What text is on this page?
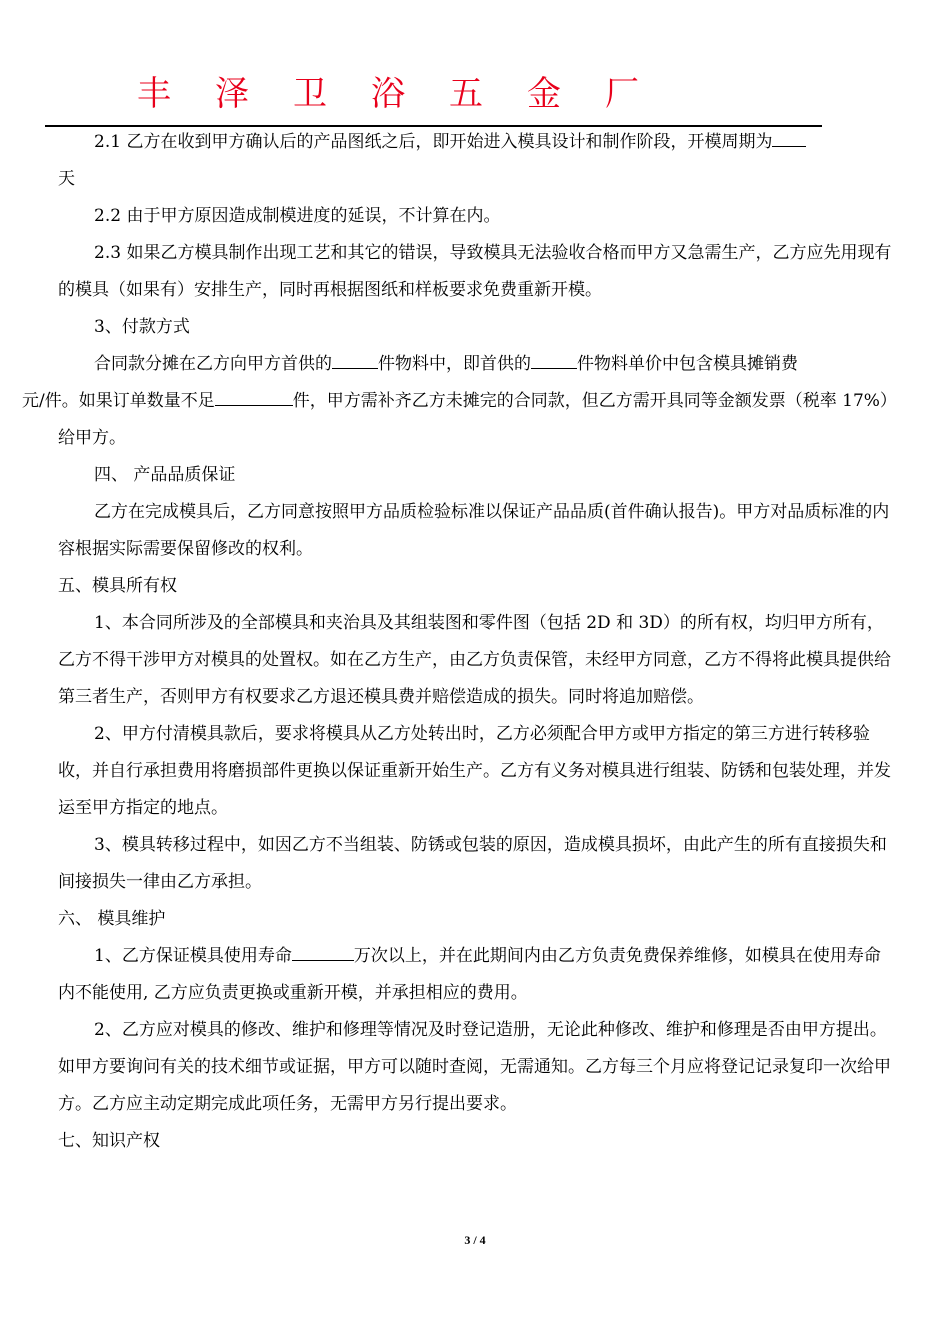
丰泽卫浴五金厂

2.1 乙方在收到甲方确认后的产品图纸之后，即开始进入模具设计和制作阶段，开模周期为

天

2.2 由于甲方原因造成制模进度的延误，不计算在内。

2.3 如果乙方模具制作出现工艺和其它的错误，导致模具无法验收合格而甲方又急需生产，乙方应先用现有的模具（如果有）安排生产，同时再根据图纸和样板要求免费重新开模。

3、付款方式

合同款分摊在乙方向甲方首供的	件物料中，即首供的	件物料单价中包含模具摊销费
元/件。如果订单数量不足	件，甲方需补齐乙方未摊完的合同款，但乙方需开具同等金额发票（税率 17%）给甲方。

四、 产品品质保证

乙方在完成模具后，乙方同意按照甲方品质检验标准以保证产品品质(首件确认报告)。甲方对品质标准的内容根据实际需要保留修改的权利。

五、模具所有权

1、本合同所涉及的全部模具和夹治具及其组装图和零件图（包括 2D 和 3D）的所有权，均归甲方所有，乙方不得干涉甲方对模具的处置权。如在乙方生产，由乙方负责保管，未经甲方同意，乙方不得将此模具提供给第三者生产，否则甲方有权要求乙方退还模具费并赔偿造成的损失。同时将追加赔偿。

2、甲方付清模具款后，要求将模具从乙方处转出时，乙方必须配合甲方或甲方指定的第三方进行转移验收，并自行承担费用将磨损部件更换以保证重新开始生产。乙方有义务对模具进行组装、防锈和包装处理，并发运至甲方指定的地点。

3、模具转移过程中，如因乙方不当组装、防锈或包装的原因，造成模具损坏，由此产生的所有直接损失和间接损失一律由乙方承担。

六、 模具维护

1、乙方保证模具使用寿命	万次以上，并在此期间内由乙方负责免费保养维修，如模具在使用寿命内不能使用, 乙方应负责更换或重新开模，并承担相应的费用。

2、乙方应对模具的修改、维护和修理等情况及时登记造册，无论此种修改、维护和修理是否由甲方提出。如甲方要询问有关的技术细节或证据，甲方可以随时查阅，无需通知。乙方每三个月应将登记记录复印一次给甲方。乙方应主动定期完成此项任务，无需甲方另行提出要求。

七、知识产权

3 / 4
